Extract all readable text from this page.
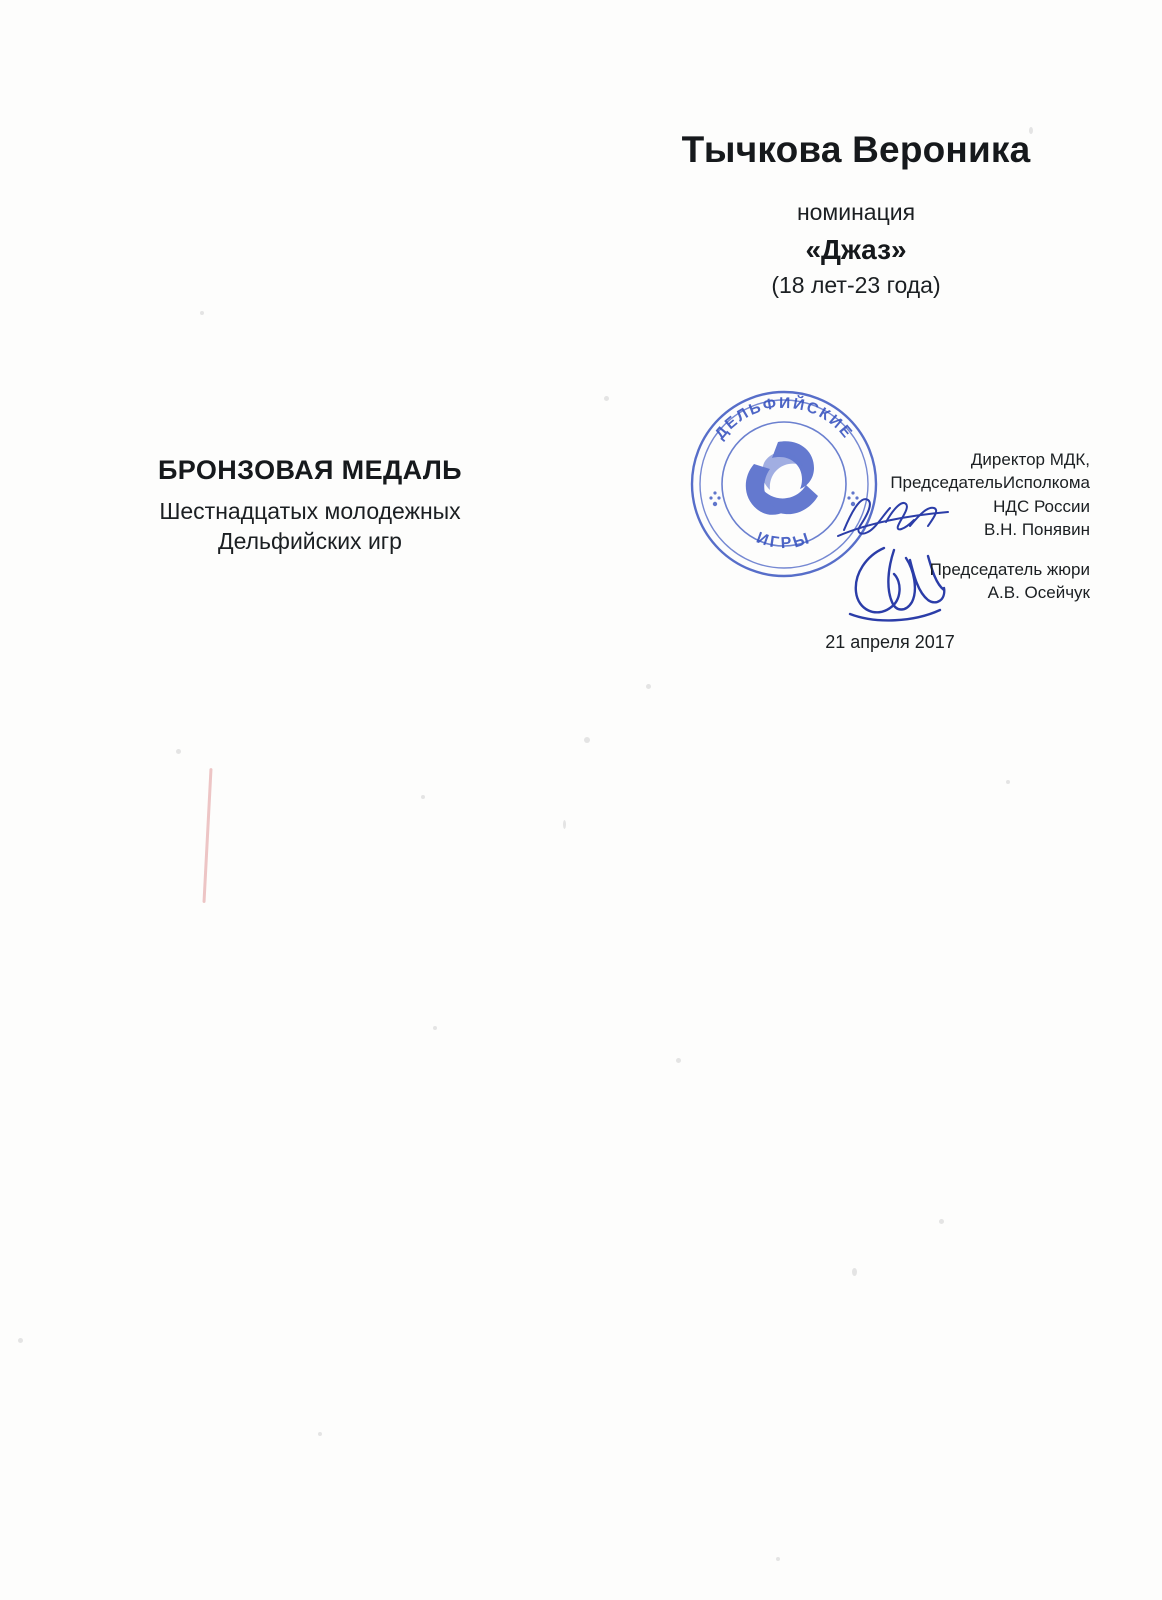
Тычкова Вероника
номинация
«Джаз»
(18 лет-23 года)
БРОНЗОВАЯ МЕДАЛЬ
Шестнадцатых молодежных
Дельфийских игр
ДЕЛЬФИЙСКИЕ
ИГРЫ
Директор МДК,
ПредседательИсполкома
НДС России
В.Н. Понявин
Председатель жюри
А.В. Осейчук
21 апреля 2017
